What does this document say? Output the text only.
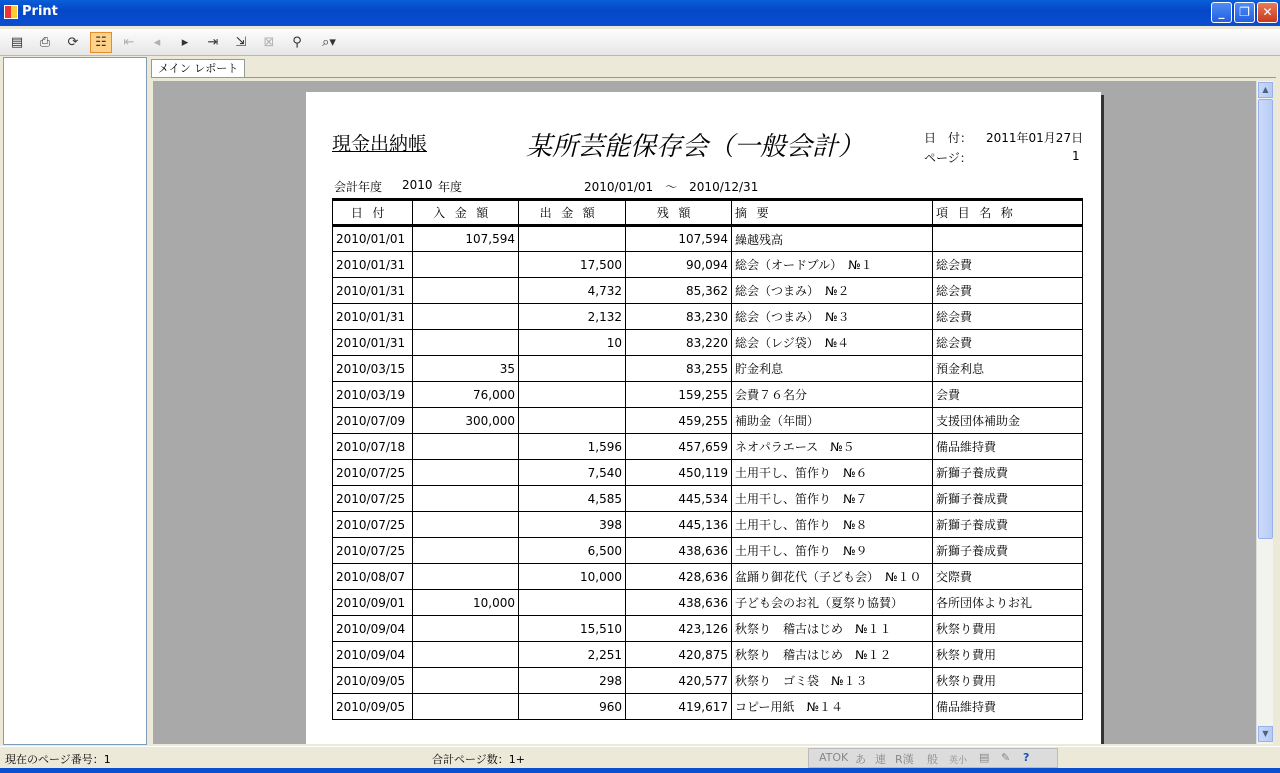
Print	_	❐	✕
▤	⎙	⟳	☷	⇤	◂	▸	⇥	⇲	⊠	⚲	⌕▾
メイン レポート
現金出納帳	某所芸能保存会（一般会計）	日　付： 2011年01月27日
ページ：	1
会計年度 2010 年度	2010/01/01　～　2010/12/31
日付	入金額	出金額	残額	摘要	項目名称
2010/01/01	107,594		107,594	繰越残高	
2010/01/31		17,500	90,094	総会（オードブル）　№１	総会費
2010/01/31		4,732	85,362	総会（つまみ）　№２	総会費
2010/01/31		2,132	83,230	総会（つまみ）　№３	総会費
2010/01/31		10	83,220	総会（レジ袋）　№４	総会費
2010/03/15	35		83,255	貯金利息	預金利息
2010/03/19	76,000		159,255	会費７６名分	会費
2010/07/09	300,000		459,255	補助金（年間）	支援団体補助金
2010/07/18		1,596	457,659	ネオパラエース　№５	備品維持費
2010/07/25		7,540	450,119	土用干し、笛作り　№６	新獅子養成費
2010/07/25		4,585	445,534	土用干し、笛作り　№７	新獅子養成費
2010/07/25		398	445,136	土用干し、笛作り　№８	新獅子養成費
2010/07/25		6,500	438,636	土用干し、笛作り　№９	新獅子養成費
2010/08/07		10,000	428,636	盆踊り御花代（子ども会）　№１０	交際費
2010/09/01	10,000		438,636	子ども会のお礼（夏祭り協賛）	各所団体よりお礼
2010/09/04		15,510	423,126	秋祭り　稽古はじめ　№１１	秋祭り費用
2010/09/04		2,251	420,875	秋祭り　稽古はじめ　№１２	秋祭り費用
2010/09/05		298	420,577	秋祭り　ゴミ袋　№１３	秋祭り費用
2010/09/05		960	419,617	コピー用紙　№１４	備品維持費
▲
▼
現在のページ番号：1	合計ページ数：1+	ATOK あ 連 R漢 般 英小 ▤ ✎ ?
